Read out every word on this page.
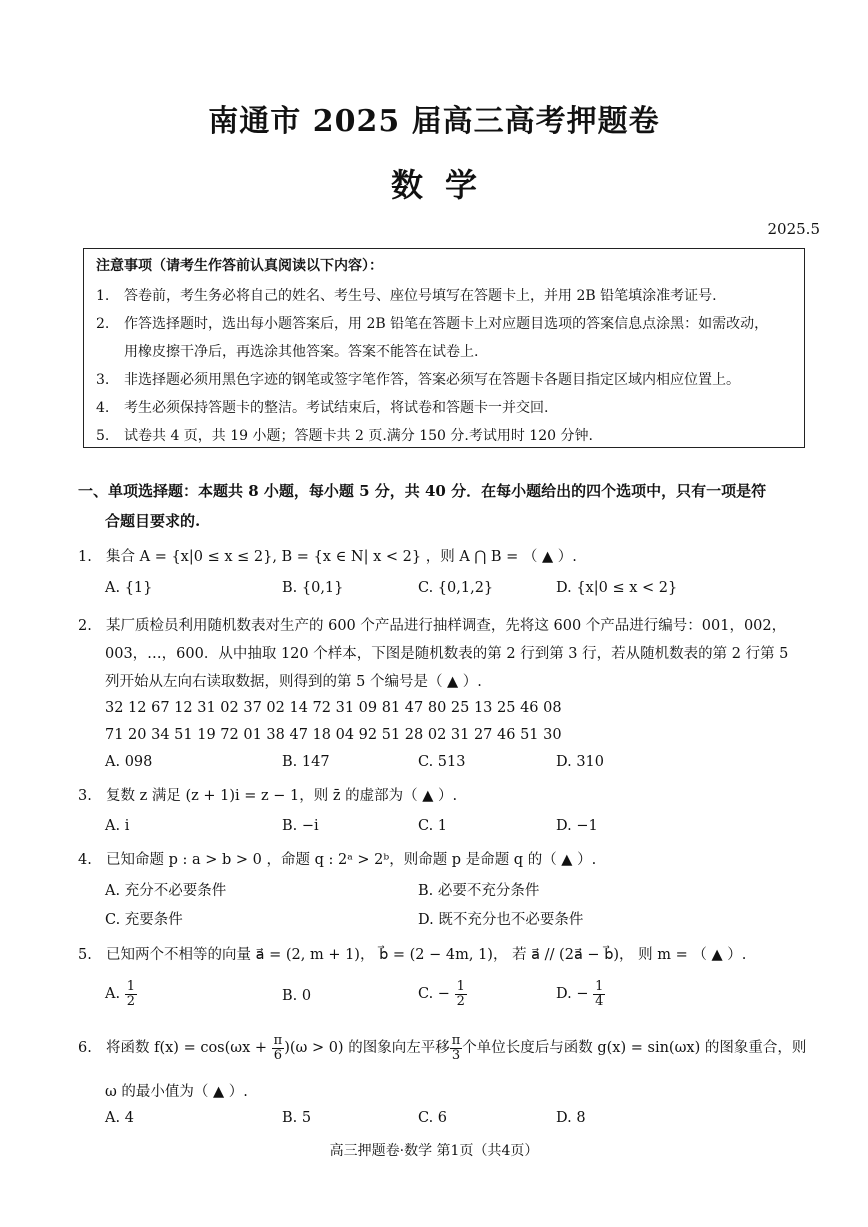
南通市 2025 届高三高考押题卷
数学
2025.5
注意事项（请考生作答前认真阅读以下内容）：
1. 答卷前，考生务必将自己的姓名、考生号、座位号填写在答题卡上，并用 2B 铅笔填涂准考证号.
2. 作答选择题时，选出每小题答案后，用 2B 铅笔在答题卡上对应题目选项的答案信息点涂黑：如需改动，
用橡皮擦干净后，再选涂其他答案。答案不能答在试卷上.
3. 非选择题必须用黑色字迹的钢笔或签字笔作答，答案必须写在答题卡各题目指定区域内相应位置上。
4. 考生必须保持答题卡的整洁。考试结束后，将试卷和答题卡一并交回.
5. 试卷共 4 页，共 19 小题；答题卡共 2 页.满分 150 分.考试用时 120 分钟.
一、单项选择题：本题共 8 小题，每小题 5 分，共 40 分．在每小题给出的四个选项中，只有一项是符
合题目要求的.
1. 集合 A = {x|0 ≤ x ≤ 2}, B = {x ∈ N| x < 2} ，则 A ⋂ B = （ ▲ ）.
A. {1}	B. {0,1}	C. {0,1,2}	D. {x|0 ≤ x < 2}
2. 某厂质检员利用随机数表对生产的 600 个产品进行抽样调查，先将这 600 个产品进行编号：001，002，
003，…，600．从中抽取 120 个样本，下图是随机数表的第 2 行到第 3 行，若从随机数表的第 2 行第 5
列开始从左向右读取数据，则得到的第 5 个编号是（ ▲ ）.
32 12 67 12 31 02 37 02 14 72 31 09 81 47 80 25 13 25 46 08
71 20 34 51 19 72 01 38 47 18 04 92 51 28 02 31 27 46 51 30
A. 098	B. 147	C. 513	D. 310
3. 复数 z 满足 (z + 1)i = z − 1，则 z̄ 的虚部为（ ▲ ）.
A. i	B. −i	C. 1	D. −1
4. 已知命题 p : a > b > 0 ，命题 q : 2ᵃ > 2ᵇ，则命题 p 是命题 q 的（ ▲ ）.
A. 充分不必要条件	B. 必要不充分条件
C. 充要条件	D. 既不充分也不必要条件
5. 已知两个不相等的向量 a⃗ = (2, m + 1)， b⃗ = (2 − 4m, 1)， 若 a⃗ // (2a⃗ − b⃗)， 则 m = （ ▲ ）.
A. $\frac{1}{2}$	B. 0	C. − $\frac{1}{2}$	D. − $\frac{1}{4}$
6. 将函数 $f(x) = \cos(\omega x + \frac{\pi}{6} )(\omega > 0)$ 的图象向左平移 $\frac{\pi}{3}$ 个单位长度后与函数 g(x) = sin(ωx) 的图象重合，则
ω 的最小值为（ ▲ ）.
A. 4	B. 5	C. 6	D. 8
高三押题卷·数学 第1页（共4页）
